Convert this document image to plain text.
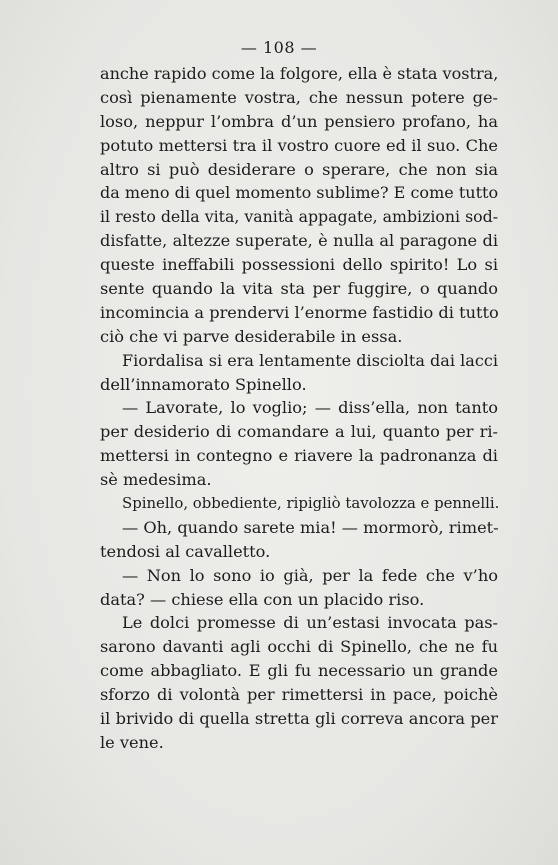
— 108 —
anche rapido come la folgore, ella è stata vostra,
così pienamente vostra, che nessun potere ge-
loso, neppur l’ombra d’un pensiero profano, ha
potuto mettersi tra il vostro cuore ed il suo. Che
altro si può desiderare o sperare, che non sia
da meno di quel momento sublime? E come tutto
il resto della vita, vanità appagate, ambizioni sod-
disfatte, altezze superate, è nulla al paragone di
queste ineffabili possessioni dello spirito! Lo si
sente quando la vita sta per fuggire, o quando
incomincia a prendervi l’enorme fastidio di tutto
ciò che vi parve desiderabile in essa.
Fiordalisa si era lentamente disciolta dai lacci
dell’innamorato Spinello.
— Lavorate, lo voglio; — diss’ella, non tanto
per desiderio di comandare a lui, quanto per ri-
mettersi in contegno e riavere la padronanza di
sè medesima.
Spinello, obbediente, ripigliò tavolozza e pennelli.
— Oh, quando sarete mia! — mormorò, rimet-
tendosi al cavalletto.
— Non lo sono io già, per la fede che v’ho
data? — chiese ella con un placido riso.
Le dolci promesse di un’estasi invocata pas-
sarono davanti agli occhi di Spinello, che ne fu
come abbagliato. E gli fu necessario un grande
sforzo di volontà per rimettersi in pace, poichè
il brivido di quella stretta gli correva ancora per
le vene.
